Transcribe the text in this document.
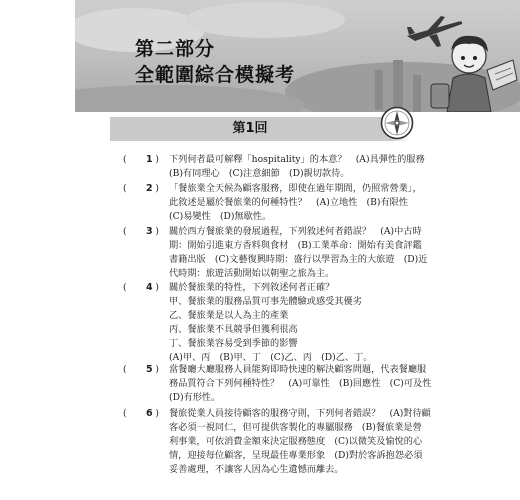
第二部分
全範圍綜合模擬考
第1回
(	)
1 下列何者最可解釋「hospitality」的本意？　(A)具彈性的服務
(B)有同理心　(C)注意細節　(D)親切款待。
(	)
2 「餐旅業全天候為顧客服務，即使在過年期間，仍照常營業」，
此敘述是屬於餐旅業的何種特性？　(A)立地性　(B)有限性
(C)易變性　(D)無歇性。
(	)
3 關於西方餐旅業的發展過程，下列敘述何者錯誤？　(A)中古時
期：開始引進東方香料與食材　(B)工業革命：開始有美食評鑑
書籍出版　(C)文藝復興時期：盛行以學習為主的大旅遊　(D)近
代時期：旅遊活動開始以朝聖之旅為主。
(	)
4 關於餐旅業的特性，下列敘述何者正確？
甲、餐旅業的服務品質可事先體驗或感受其優劣
乙、餐旅業是以人為主的產業
丙、餐旅業不具競爭但獲利很高
丁、餐旅業容易受到季節的影響
(A)甲、丙　(B)甲、丁　(C)乙、丙　(D)乙、丁。
(	)
5 當餐廳大廳服務人員能夠即時快速的解決顧客問題，代表餐廳服
務品質符合下列何種特性？　(A)可靠性　(B)回應性　(C)可及性
(D)有形性。
(	)
6 餐旅從業人員接待顧客的服務守則，下列何者錯誤？　(A)對待顧
客必須一視同仁，但可提供客製化的專屬服務　(B)餐旅業是營
利事業，可依消費金額來決定服務態度　(C)以微笑及愉悅的心
情，迎接每位顧客，呈現最佳專業形象　(D)對於客訴抱怨必須
妥善處理，不讓客人因為心生遺憾而離去。
